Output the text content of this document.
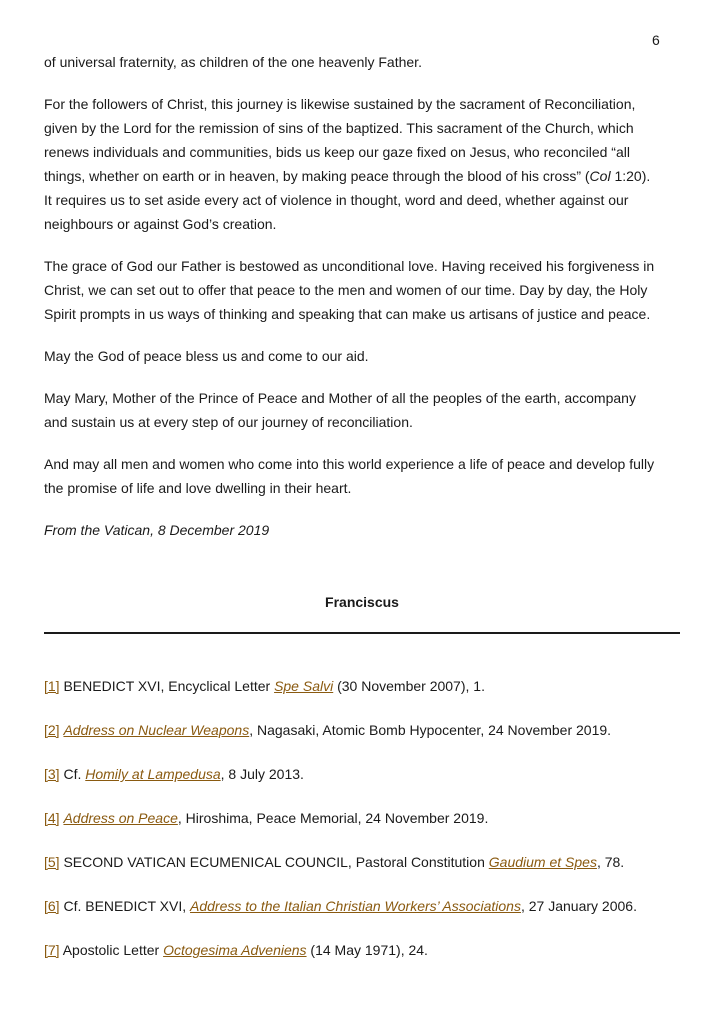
6
of universal fraternity, as children of the one heavenly Father.
For the followers of Christ, this journey is likewise sustained by the sacrament of Reconciliation,
given by the Lord for the remission of sins of the baptized. This sacrament of the Church, which
renews individuals and communities, bids us keep our gaze fixed on Jesus, who reconciled “all
things, whether on earth or in heaven, by making peace through the blood of his cross” (Col 1:20).
It requires us to set aside every act of violence in thought, word and deed, whether against our
neighbours or against God’s creation.
The grace of God our Father is bestowed as unconditional love. Having received his forgiveness in
Christ, we can set out to offer that peace to the men and women of our time. Day by day, the Holy
Spirit prompts in us ways of thinking and speaking that can make us artisans of justice and peace.
May the God of peace bless us and come to our aid.
May Mary, Mother of the Prince of Peace and Mother of all the peoples of the earth, accompany
and sustain us at every step of our journey of reconciliation.
And may all men and women who come into this world experience a life of peace and develop fully
the promise of life and love dwelling in their heart.
From the Vatican, 8 December 2019
Franciscus
[1] BENEDICT XVI, Encyclical Letter Spe Salvi (30 November 2007), 1.
[2] Address on Nuclear Weapons, Nagasaki, Atomic Bomb Hypocenter, 24 November 2019.
[3] Cf. Homily at Lampedusa, 8 July 2013.
[4] Address on Peace, Hiroshima, Peace Memorial, 24 November 2019.
[5] SECOND VATICAN ECUMENICAL COUNCIL, Pastoral Constitution Gaudium et Spes, 78.
[6] Cf. BENEDICT XVI, Address to the Italian Christian Workers’ Associations, 27 January 2006.
[7] Apostolic Letter Octogesima Adveniens (14 May 1971), 24.
